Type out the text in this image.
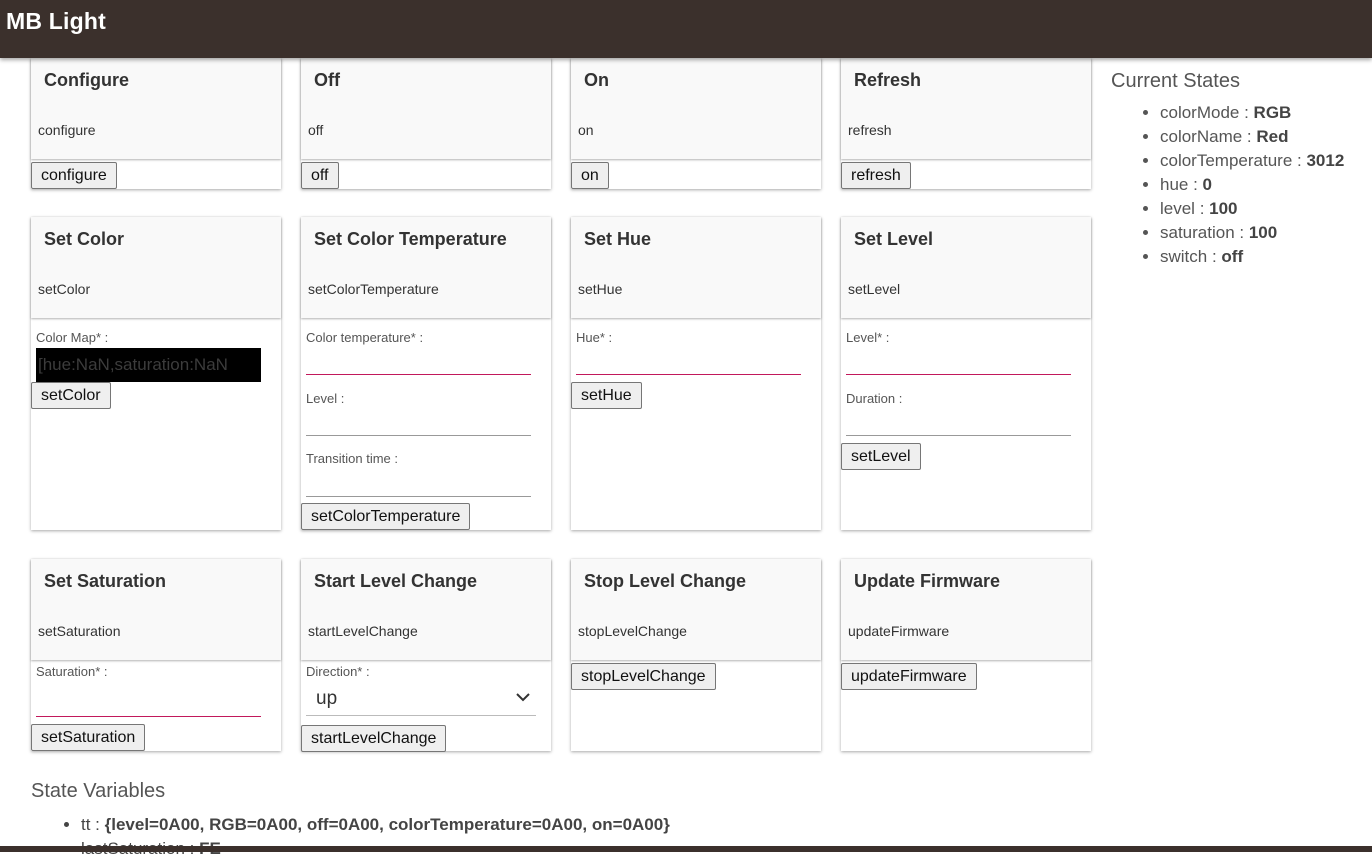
MB Light
Configure
configure
configure
Off
off
off
On
on
on
Refresh
refresh
refresh
Set Color
setColor
Color Map* :
[hue:NaN,saturation:NaN
setColor
Set Color Temperature
setColorTemperature
Color temperature* :
Level :
Transition time :
setColorTemperature
Set Hue
setHue
Hue* :
setHue
Set Level
setLevel
Level* :
Duration :
setLevel
Set Saturation
setSaturation
Saturation* :
setSaturation
Start Level Change
startLevelChange
Direction* :
up
startLevelChange
Stop Level Change
stopLevelChange
stopLevelChange
Update Firmware
updateFirmware
updateFirmware
Current States
• colorMode : RGB
• colorName : Red
• colorTemperature : 3012
• hue : 0
• level : 100
• saturation : 100
• switch : off
State Variables
• tt : {level=0A00, RGB=0A00, off=0A00, colorTemperature=0A00, on=0A00}
•
